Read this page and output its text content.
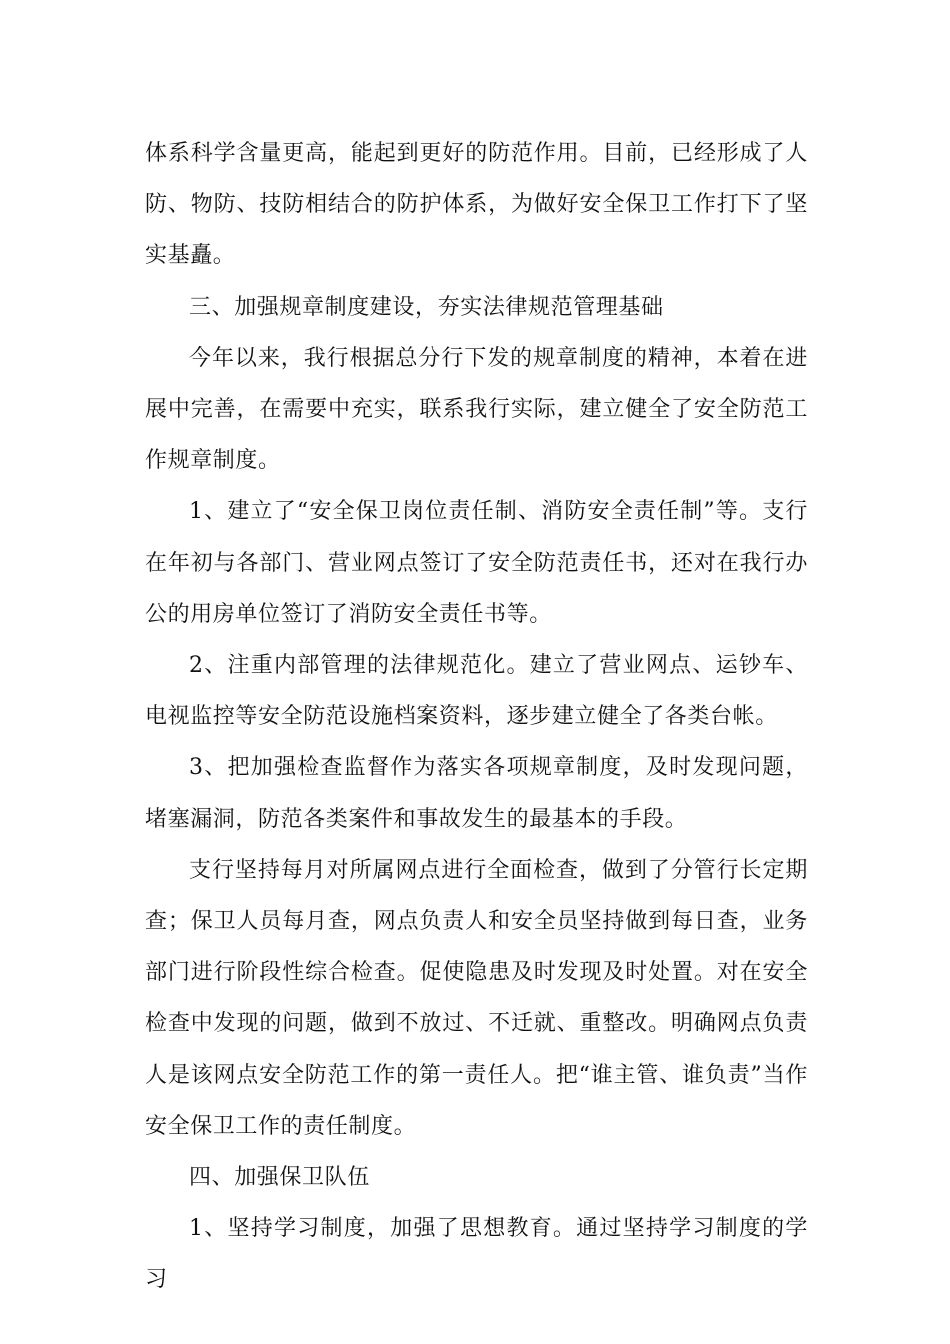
体系科学含量更高，能起到更好的防范作用。目前，已经形成了人防、物防、技防相结合的防护体系，为做好安全保卫工作打下了坚实基矗。

三、加强规章制度建设，夯实法律规范管理基础

今年以来，我行根据总分行下发的规章制度的精神，本着在进展中完善，在需要中充实，联系我行实际，建立健全了安全防范工作规章制度。

1、建立了“安全保卫岗位责任制、消防安全责任制”等。支行在年初与各部门、营业网点签订了安全防范责任书，还对在我行办公的用房单位签订了消防安全责任书等。

2、注重内部管理的法律规范化。建立了营业网点、运钞车、电视监控等安全防范设施档案资料，逐步建立健全了各类台帐。

3、把加强检查监督作为落实各项规章制度，及时发现问题，堵塞漏洞，防范各类案件和事故发生的最基本的手段。

支行坚持每月对所属网点进行全面检查，做到了分管行长定期查；保卫人员每月查，网点负责人和安全员坚持做到每日查，业务部门进行阶段性综合检查。促使隐患及时发现及时处置。对在安全检查中发现的问题，做到不放过、不迁就、重整改。明确网点负责人是该网点安全防范工作的第一责任人。把“谁主管、谁负责”当作安全保卫工作的责任制度。

四、加强保卫队伍

1、坚持学习制度，加强了思想教育。通过坚持学习制度的学习
